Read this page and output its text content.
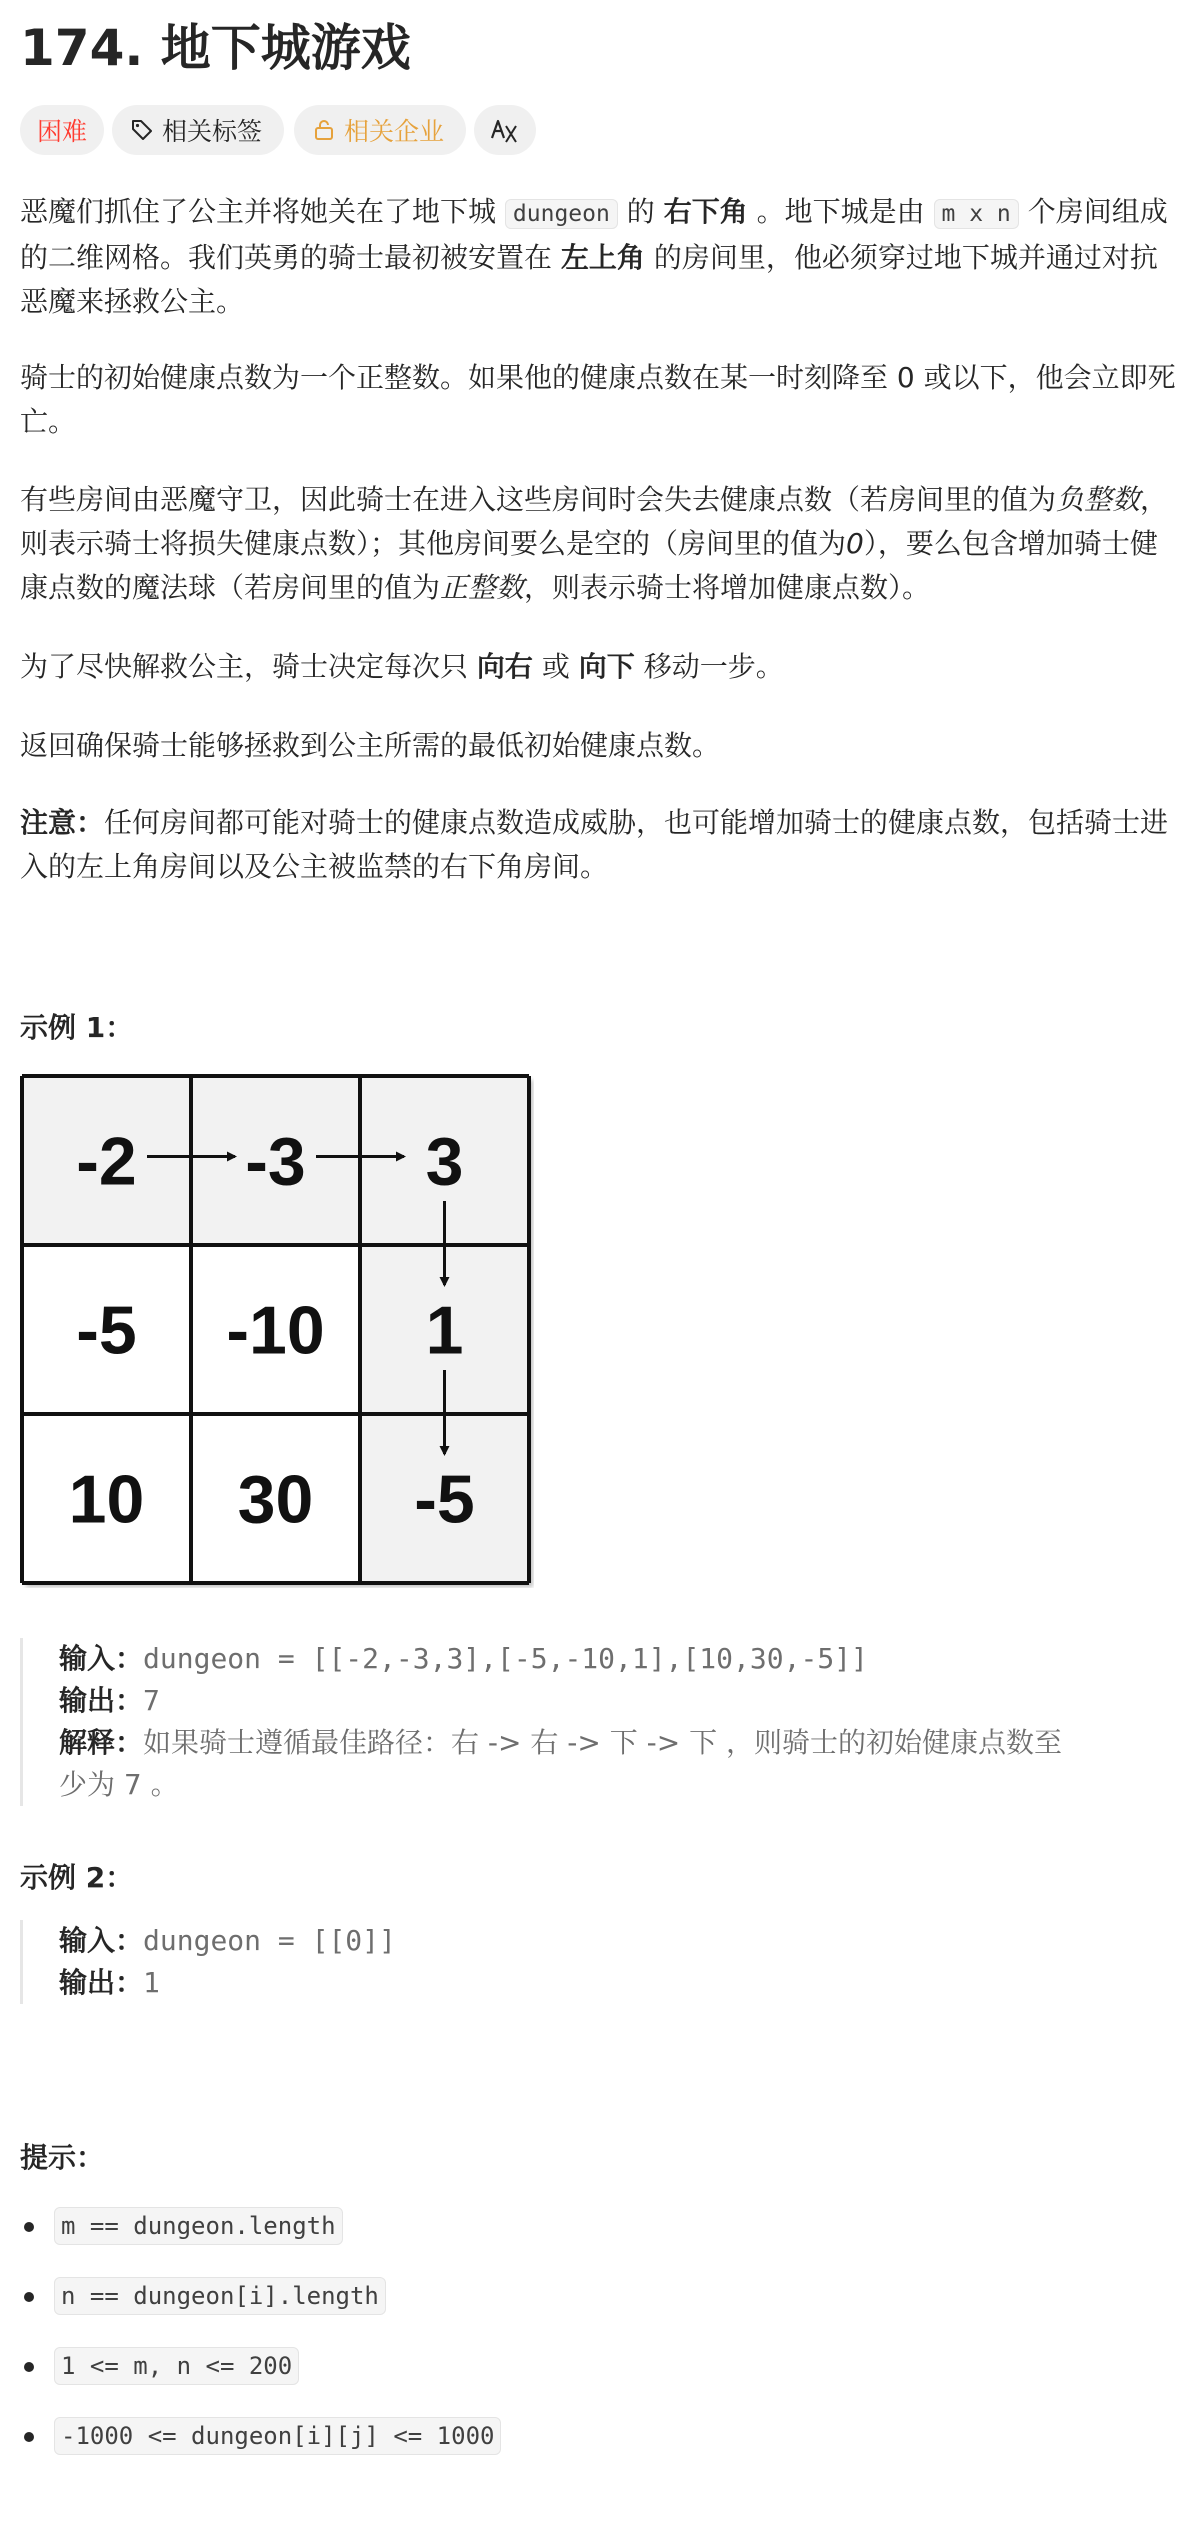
174. 地下城游戏
困难	相关标签	相关企业
恶魔们抓住了公主并将她关在了地下城 dungeon 的 右下角 。地下城是由 m x n 个房间组成的二维网格。我们英勇的骑士最初被安置在 左上角 的房间里，他必须穿过地下城并通过对抗恶魔来拯救公主。
骑士的初始健康点数为一个正整数。如果他的健康点数在某一时刻降至 0 或以下，他会立即死亡。
有些房间由恶魔守卫，因此骑士在进入这些房间时会失去健康点数（若房间里的值为负整数，则表示骑士将损失健康点数）；其他房间要么是空的（房间里的值为0），要么包含增加骑士健康点数的魔法球（若房间里的值为正整数，则表示骑士将增加健康点数）。
为了尽快解救公主，骑士决定每次只 向右 或 向下 移动一步。
返回确保骑士能够拯救到公主所需的最低初始健康点数。
注意：任何房间都可能对骑士的健康点数造成威胁，也可能增加骑士的健康点数，包括骑士进入的左上角房间以及公主被监禁的右下角房间。
示例 1：
-2 -3 3
-5 -10 1
10 30 -5
输入：dungeon = [[-2,-3,3],[-5,-10,1],[10,30,-5]]
输出：7
解释：如果骑士遵循最佳路径：右 -> 右 -> 下 -> 下 ，则骑士的初始健康点数至
少为 7 。
示例 2：
输入：dungeon = [[0]]
输出：1
提示：
m == dungeon.length
n == dungeon[i].length
1 <= m, n <= 200
-1000 <= dungeon[i][j] <= 1000
